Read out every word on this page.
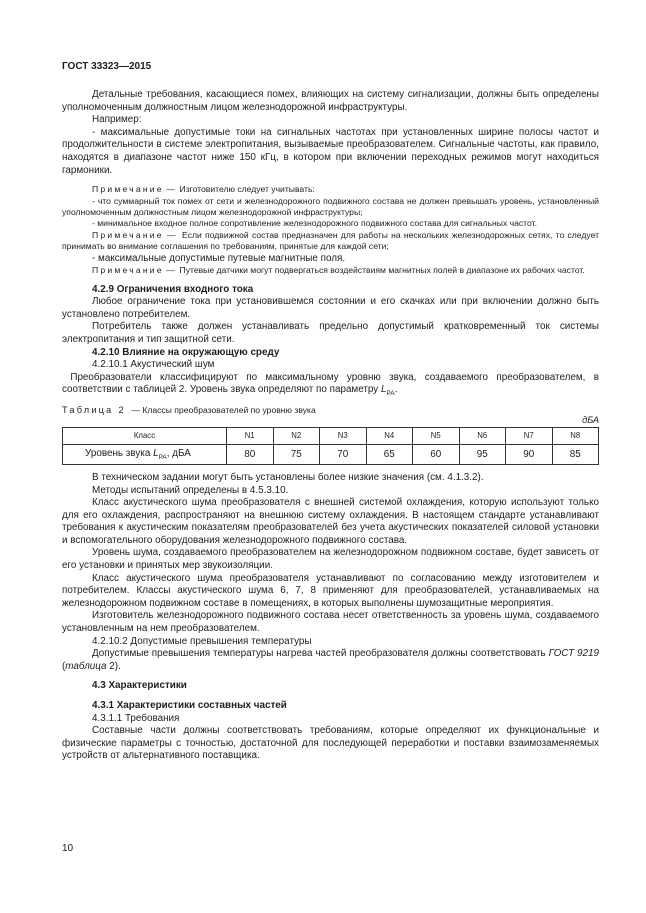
ГОСТ 33323—2015

Детальные требования, касающиеся помех, влияющих на систему сигнализации, должны быть определены уполномоченным должностным лицом железнодорожной инфраструктуры.

Например:

- максимальные допустимые токи на сигнальных частотах при установленных ширине полосы частот и продолжительности в системе электропитания, вызываемые преобразователем. Сигнальные частоты, как правило, находятся в диапазоне частот ниже 150 кГц, в котором при включении переходных режимов могут находиться гармоники.

Примечание — Изготовителю следует учитывать:

- что суммарный ток помех от сети и железнодорожного подвижного состава не должен превышать уровень, установленный уполномоченным должностным лицом железнодорожной инфраструктуры;

- минимальное входное полное сопротивление железнодорожного подвижного состава для сигнальных частот.

Примечание — Если подвижной состав предназначен для работы на нескольких железнодорожных сетях, то следует принимать во внимание соглашения по требованиям, принятые для каждой сети;

- максимальные допустимые путевые магнитные поля.

Примечание — Путевые датчики могут подвергаться воздействиям магнитных полей в диапазоне их рабочих частот.

4.2.9 Ограничения входного тока

Любое ограничение тока при установившемся состоянии и его скачках или при включении должно быть установлено потребителем.

Потребитель также должен устанавливать предельно допустимый кратковременный ток системы электропитания и тип защитной сети.

4.2.10 Влияние на окружающую среду

4.2.10.1 Акустический шум

Преобразователи классифицируют по максимальному уровню звука, создаваемого преобразователем, в соответствии с таблицей 2. Уровень звука определяют по параметру $L_{PA}$.

Таблица 2 — Классы преобразователей по уровню звука
дБА
Класс	N1	N2	N3	N4	N5	N6	N7	N8
Уровень звука $L_{PA}$, дБА	80	75	70	65	60	95	90	85

В техническом задании могут быть установлены более низкие значения (см. 4.1.3.2).

Методы испытаний определены в 4.5.3.10.

Класс акустического шума преобразователя с внешней системой охлаждения, которую используют только для его охлаждения, распространяют на внешнюю систему охлаждения. В настоящем стандарте устанавливают требования к акустическим показателям преобразователей без учета акустических показателей силовой установки и вспомогательного оборудования железнодорожного подвижного состава.

Уровень шума, создаваемого преобразователем на железнодорожном подвижном составе, будет зависеть от его установки и принятых мер звукоизоляции.

Класс акустического шума преобразователя устанавливают по согласованию между изготовителем и потребителем. Классы акустического шума 6, 7, 8 применяют для преобразователей, устанавливаемых на железнодорожном подвижном составе в помещениях, в которых выполнены шумозащитные мероприятия.

Изготовитель железнодорожного подвижного состава несет ответственность за уровень шума, создаваемого установленным на нем преобразователем.

4.2.10.2 Допустимые превышения температуры

Допустимые превышения температуры нагрева частей преобразователя должны соответствовать ГОСТ 9219 (таблица 2).

4.3 Характеристики

4.3.1 Характеристики составных частей

4.3.1.1 Требования

Составные части должны соответствовать требованиям, которые определяют их функциональные и физические параметры с точностью, достаточной для последующей переработки и поставки взаимозаменяемых устройств от альтернативного поставщика.

10
